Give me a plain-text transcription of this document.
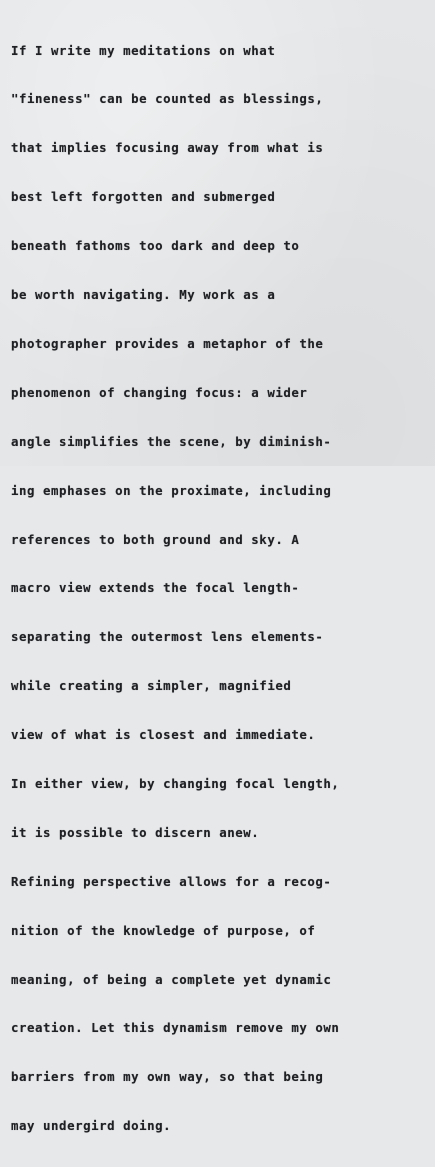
If I write my meditations on what

"fineness" can be counted as blessings,

that implies focusing away from what is

best left forgotten and submerged

beneath fathoms too dark and deep to

be worth navigating. My work as a

photographer provides a metaphor of the

phenomenon of changing focus: a wider

angle simplifies the scene, by diminish-

ing emphases on the proximate, including

references to both ground and sky. A

macro view extends the focal length-

separating the outermost lens elements-

while creating a simpler, magnified

view of what is closest and immediate.

In either view, by changing focal length,

it is possible to discern anew.

Refining perspective allows for a recog-

nition of the knowledge of purpose, of

meaning, of being a complete yet dynamic

creation. Let this dynamism remove my own

barriers from my own way, so that being

may undergird doing.
